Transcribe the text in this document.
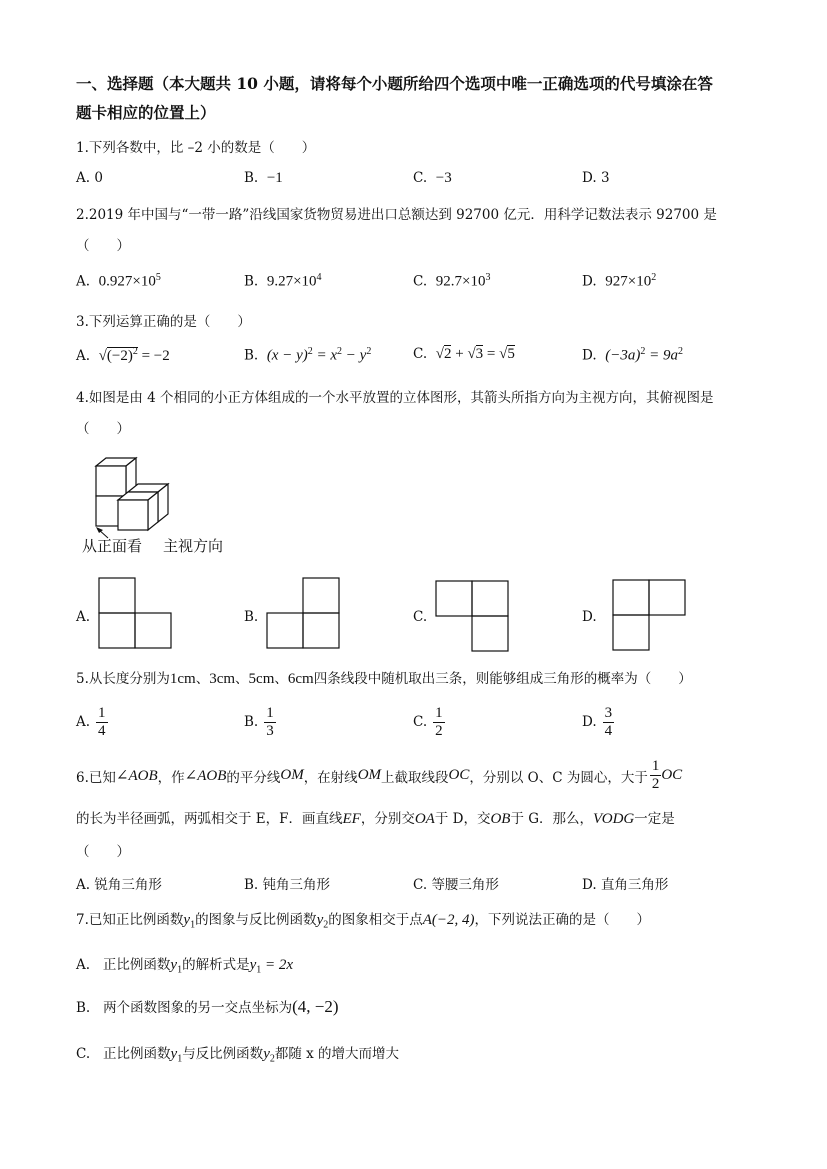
一、选择题（本大题共 10 小题，请将每个小题所给四个选项中唯一正确选项的代号填涂在答
题卡相应的位置上）
1.下列各数中，比 –2 小的数是（　　）
A. 0	B. −1	C. −3	D. 3
2.2019 年中国与“一带一路”沿线国家货物贸易进出口总额达到 92700 亿元．用科学记数法表示 92700 是
（　　）
A. $0.927\times 10^5$	B. $9.27\times 10^4$	C. $92.7\times 10^3$	D. $927\times 10^2$
3.下列运算正确的是（　　）
A. $√(-2)^2 = -2$	B. $(x - y)^2 = x^2 - y^2$	C. √2 + √3 = √5	D. $(-3a)^2 = 9a^2$
4.如图是由 4 个相同的小正方体组成的一个水平放置的立体图形，其箭头所指方向为主视方向，其俯视图是
（　　）
从正面看 主视方向
A.	B.	C.	D.
5.从长度分别为1cm、3cm、5cm、6cm四条线段中随机取出三条，则能够组成三角形的概率为（　　）
A. $\frac{1}{4}$	B. $\frac{1}{3}$	C. $\frac{1}{2}$	D. $\frac{3}{4}$
6.已知 ∠AOB ，作 ∠AOB 的平分线 OM ，在射线 OM 上截取线段 OC ，分别以 O、C 为圆心，大于 $\frac{1}{2}$ OC
的长为半径画弧，两弧相交于 E，F．画直线EF，分别交OA于 D，交OB于 G．那么，VODG一定是
（　　）
A. 锐角三角形	B. 钝角三角形	C. 等腰三角形	D. 直角三角形
7.已知正比例函数$y_1$的图象与反比例函数$y_2$的图象相交于点A(−2, 4)，下列说法正确的是（　　）
A. 正比例函数$y_1$的解析式是$y_1 = 2x$
B. 两个函数图象的另一交点坐标为(4, −2)
C. 正比例函数$y_1$与反比例函数$y_2$都随 x 的增大而增大
